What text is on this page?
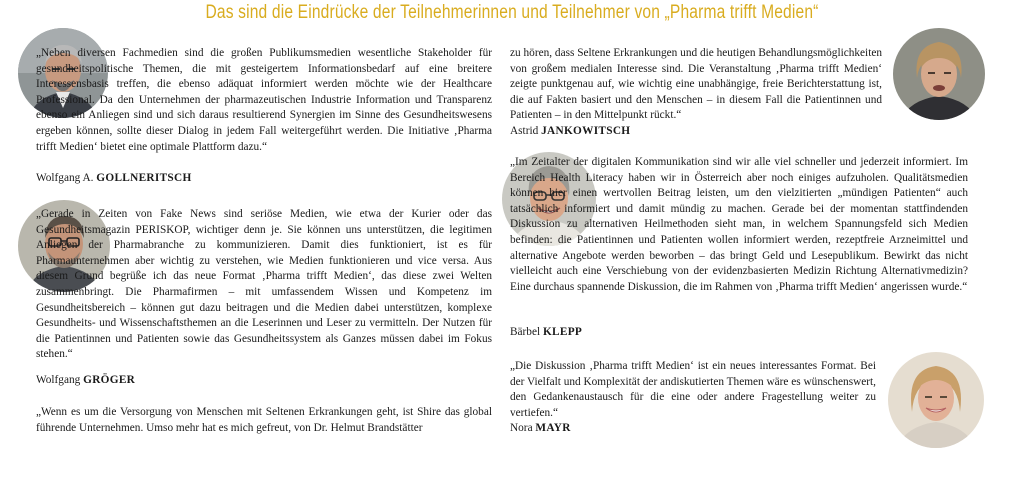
Das sind die Eindrücke der Teilnehmerinnen und Teilnehmer von „Pharma trifft Medien“

„Neben diversen Fachmedien sind die großen Publikumsmedien wesentliche Stakeholder für gesundheitspolitische Themen, die mit gesteigertem Informationsbedarf auf eine breitere Interessensbasis treffen, die ebenso adäquat informiert werden möchte wie der Healthcare Professional. Da den Unternehmen der pharmazeutischen Industrie Information und Transparenz ebenso ein Anliegen sind und sich daraus resultierend Synergien im Sinne des Gesundheitswesens ergeben können, sollte dieser Dialog in jedem Fall weitergeführt werden. Die Initiative ‚Pharma trifft Medien‘ bietet eine optimale Plattform dazu.“

Wolfgang A. GOLLNERITSCH

„Gerade in Zeiten von Fake News sind seriöse Medien, wie etwa der Kurier oder das Gesundheitsmagazin PERISKOP, wichtiger denn je. Sie können uns unterstützen, die legitimen Anliegen der Pharmabranche zu kommunizieren. Damit dies funktioniert, ist es für Pharmaunternehmen aber wichtig zu verstehen, wie Medien funktionieren und vice versa. Aus diesem Grund begrüße ich das neue Format ‚Pharma trifft Medien‘, das diese zwei Welten zusammenbringt. Die Pharmafirmen – mit umfassendem Wissen und Kompetenz im Gesundheitsbereich – können gut dazu beitragen und die Medien dabei unterstützen, komplexe Gesundheits- und Wissenschaftsthemen an die Leserinnen und Leser zu vermitteln. Der Nutzen für die Patientinnen und Patienten sowie das Gesundheitssystem als Ganzes müssen dabei im Fokus stehen.“

Wolfgang GRÖGER

„Wenn es um die Versorgung von Menschen mit Seltenen Erkrankungen geht, ist Shire das global führende Unternehmen. Umso mehr hat es mich gefreut, von Dr. Helmut Brandstätter

zu hören, dass Seltene Erkrankungen und die heutigen Behandlungsmöglichkeiten von großem medialen Interesse sind. Die Veranstaltung ‚Pharma trifft Medien‘ zeigte punktgenau auf, wie wichtig eine unabhängige, freie Berichterstattung ist, die auf Fakten basiert und den Menschen – in diesem Fall die Patientinnen und Patienten – in den Mittelpunkt rückt.“

Astrid JANKOWITSCH

„Im Zeitalter der digitalen Kommunikation sind wir alle viel schneller und jederzeit informiert. Im Bereich Health Literacy haben wir in Österreich aber noch einiges aufzuholen. Qualitätsmedien können hier einen wertvollen Beitrag leisten, um den vielzitierten „mündigen Patienten“ auch tatsächlich informiert und damit mündig zu machen. Gerade bei der momentan stattfindenden Diskussion zu alternativen Heilmethoden sieht man, in welchem Spannungsfeld sich Medien befinden: die Patientinnen und Patienten wollen informiert werden, rezeptfreie Arzneimittel und alternative Angebote werden beworben – das bringt Geld und Lesepublikum. Bewirkt das nicht vielleicht auch eine Verschiebung von der evidenzbasierten Medizin Richtung Alternativmedizin? Eine durchaus spannende Diskussion, die im Rahmen von ‚Pharma trifft Medien‘ angerissen wurde.“

Bärbel KLEPP

„Die Diskussion ‚Pharma trifft Medien‘ ist ein neues interessantes Format. Bei der Vielfalt und Komplexität der andiskutierten Themen wäre es wünschenswert, den Gedankenaustausch für die eine oder andere Fragestellung weiter zu vertiefen.“

Nora MAYR
